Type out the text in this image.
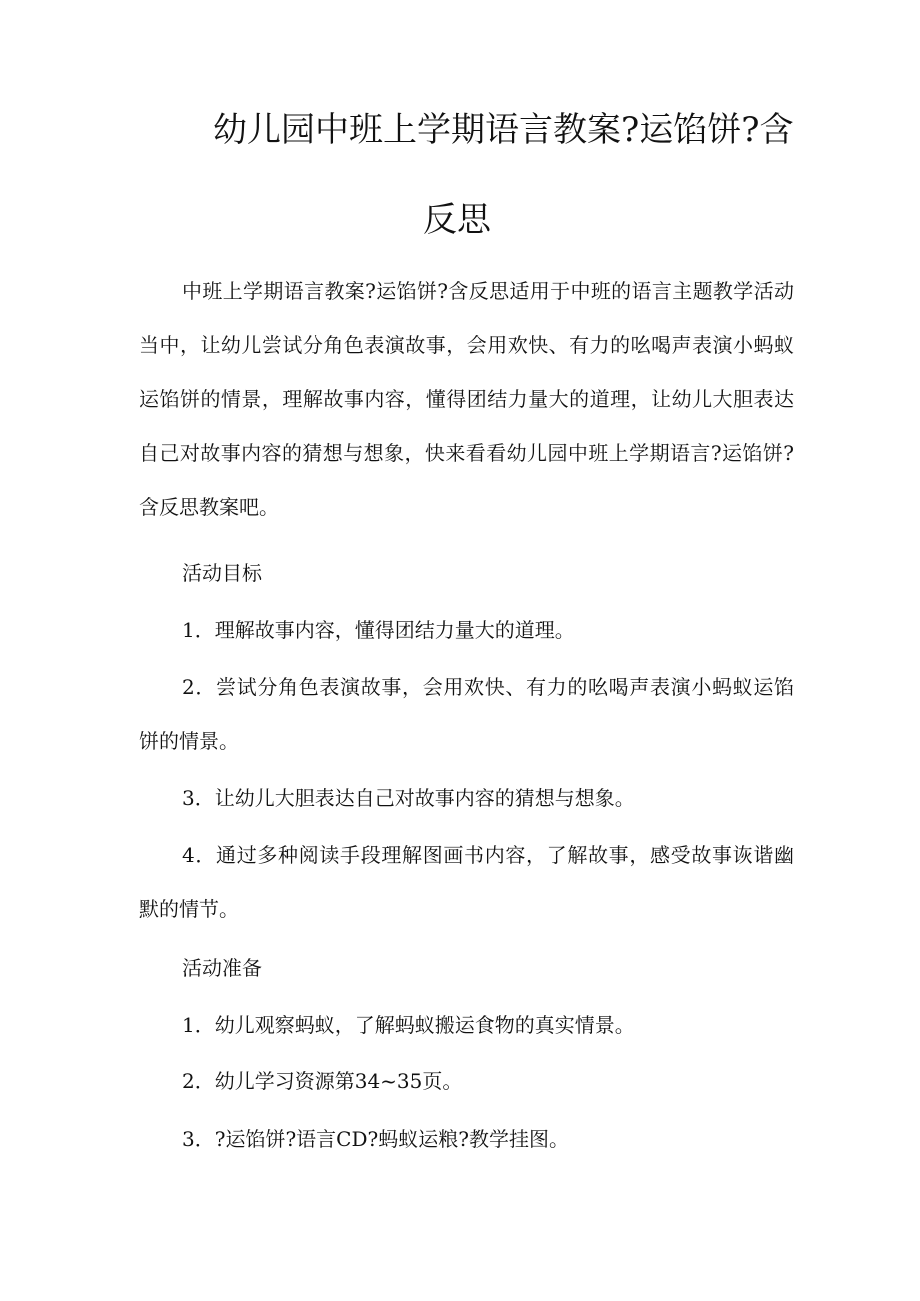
幼儿园中班上学期语言教案?运馅饼?含
反思

中班上学期语言教案?运馅饼?含反思适用于中班的语言主题教学活动当中，让幼儿尝试分角色表演故事，会用欢快、有力的吆喝声表演小蚂蚁运馅饼的情景，理解故事内容，懂得团结力量大的道理，让幼儿大胆表达自己对故事内容的猜想与想象，快来看看幼儿园中班上学期语言?运馅饼?含反思教案吧。

活动目标
1．理解故事内容，懂得团结力量大的道理。

2．尝试分角色表演故事，会用欢快、有力的吆喝声表演小蚂蚁运馅饼的情景。

3．让幼儿大胆表达自己对故事内容的猜想与想象。

4．通过多种阅读手段理解图画书内容，了解故事，感受故事诙谐幽默的情节。

活动准备
1．幼儿观察蚂蚁，了解蚂蚁搬运食物的真实情景。
2．幼儿学习资源第34~35页。
3．?运馅饼?语言CD?蚂蚁运粮?教学挂图。
